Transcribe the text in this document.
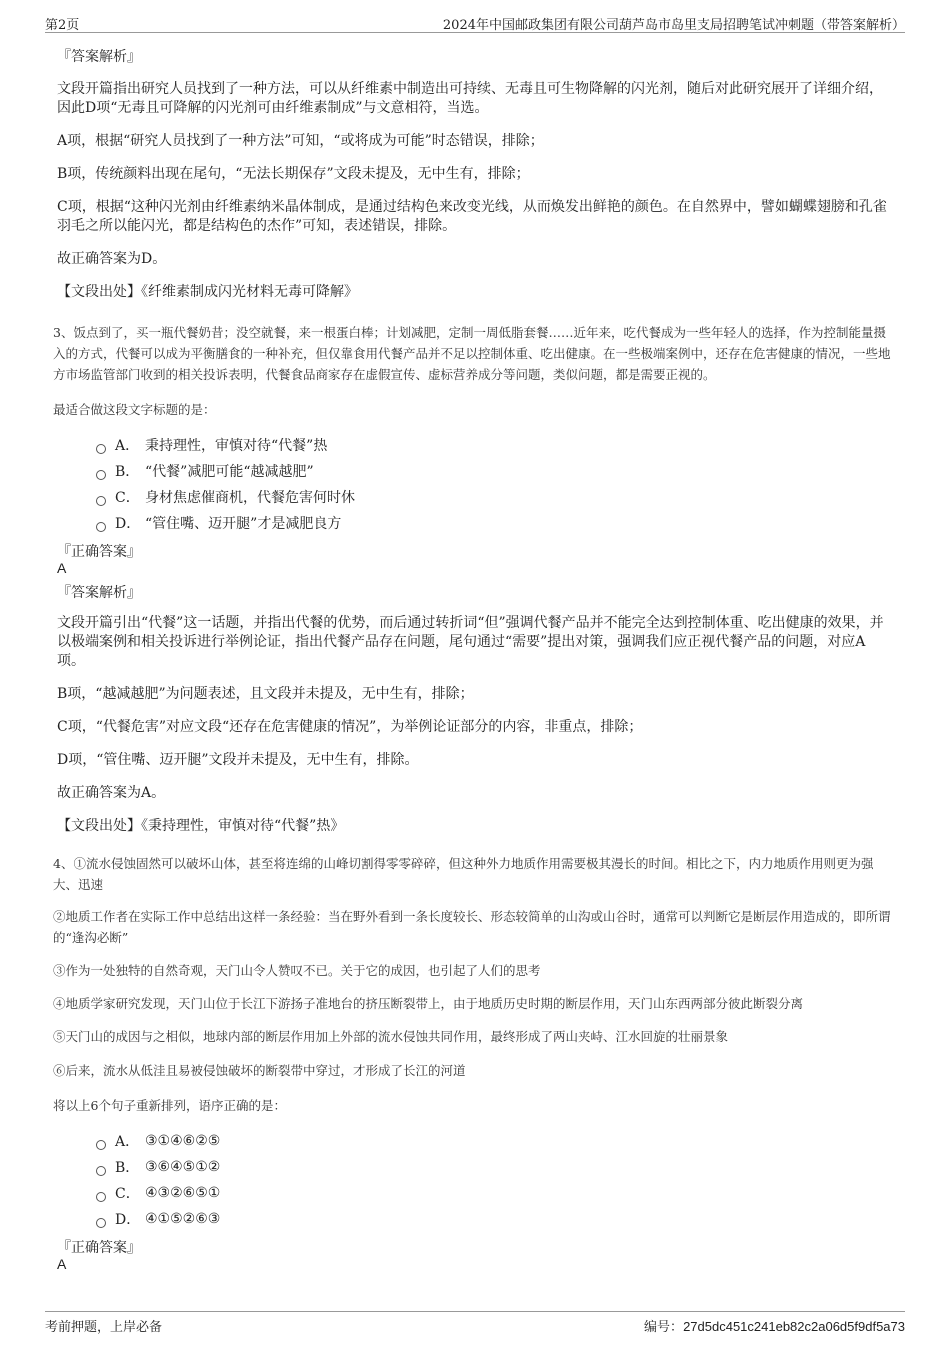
第2页	2024年中国邮政集团有限公司葫芦岛市岛里支局招聘笔试冲刺题（带答案解析）
『答案解析』

文段开篇指出研究人员找到了一种方法，可以从纤维素中制造出可持续、无毒且可生物降解的闪光剂，随后对此研究展开了详细介绍，因此D项“无毒且可降解的闪光剂可由纤维素制成”与文意相符，当选。

A项，根据“研究人员找到了一种方法”可知，“或将成为可能”时态错误，排除；

B项，传统颜料出现在尾句，“无法长期保存”文段未提及，无中生有，排除；

C项，根据“这种闪光剂由纤维素纳米晶体制成，是通过结构色来改变光线，从而焕发出鲜艳的颜色。在自然界中，譬如蝴蝶翅膀和孔雀羽毛之所以能闪光，都是结构色的杰作”可知，表述错误，排除。

故正确答案为D。

【文段出处】《纤维素制成闪光材料无毒可降解》

3、饭点到了，买一瓶代餐奶昔；没空就餐，来一根蛋白棒；计划减肥，定制一周低脂套餐……近年来，吃代餐成为一些年轻人的选择，作为控制能量摄入的方式，代餐可以成为平衡膳食的一种补充，但仅靠食用代餐产品并不足以控制体重、吃出健康。在一些极端案例中，还存在危害健康的情况，一些地方市场监管部门收到的相关投诉表明，代餐食品商家存在虚假宣传、虚标营养成分等问题，类似问题，都是需要正视的。

最适合做这段文字标题的是：
A． 秉持理性，审慎对待“代餐”热
B． “代餐”减肥可能“越减越肥”
C． 身材焦虑催商机，代餐危害何时休
D． “管住嘴、迈开腿”才是减肥良方
『正确答案』
A
『答案解析』

文段开篇引出“代餐”这一话题，并指出代餐的优势，而后通过转折词“但”强调代餐产品并不能完全达到控制体重、吃出健康的效果，并以极端案例和相关投诉进行举例论证，指出代餐产品存在问题，尾句通过“需要”提出对策，强调我们应正视代餐产品的问题，对应A项。

B项，“越减越肥”为问题表述，且文段并未提及，无中生有，排除；

C项，“代餐危害”对应文段“还存在危害健康的情况”，为举例论证部分的内容，非重点，排除；

D项，“管住嘴、迈开腿”文段并未提及，无中生有，排除。

故正确答案为A。

【文段出处】《秉持理性，审慎对待“代餐”热》

4、①流水侵蚀固然可以破坏山体，甚至将连绵的山峰切割得零零碎碎，但这种外力地质作用需要极其漫长的时间。相比之下，内力地质作用则更为强大、迅速

②地质工作者在实际工作中总结出这样一条经验：当在野外看到一条长度较长、形态较简单的山沟或山谷时，通常可以判断它是断层作用造成的，即所谓的“逢沟必断”

③作为一处独特的自然奇观，天门山令人赞叹不已。关于它的成因，也引起了人们的思考

④地质学家研究发现，天门山位于长江下游扬子准地台的挤压断裂带上，由于地质历史时期的断层作用，天门山东西两部分彼此断裂分离

⑤天门山的成因与之相似，地球内部的断层作用加上外部的流水侵蚀共同作用，最终形成了两山夹峙、江水回旋的壮丽景象

⑥后来，流水从低洼且易被侵蚀破坏的断裂带中穿过，才形成了长江的河道

将以上6个句子重新排列，语序正确的是：
A． ③①④⑥②⑤
B． ③⑥④⑤①②
C． ④③②⑥⑤①
D． ④①⑤②⑥③
『正确答案』
A
考前押题，上岸必备	编号：27d5dc451c241eb82c2a06d5f9df5a73
